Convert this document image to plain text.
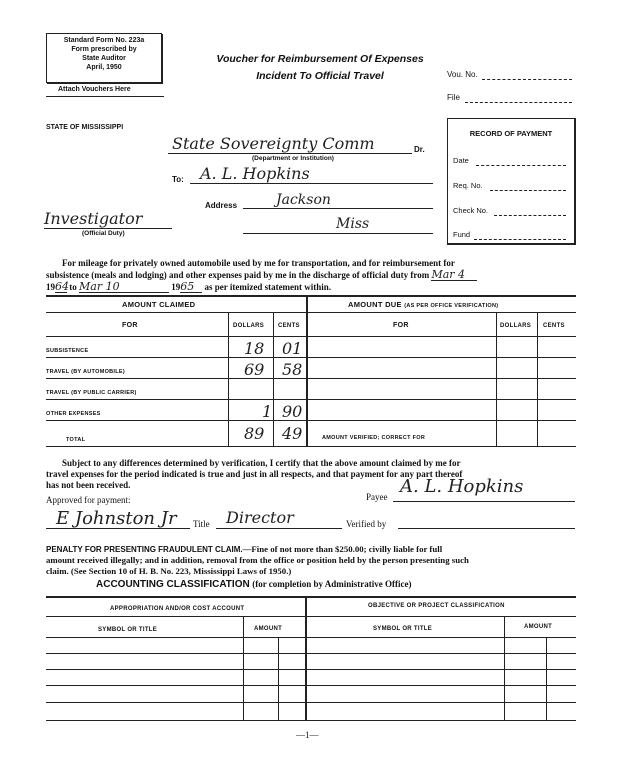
Standard Form No. 223a
Form prescribed by
State Auditor
April, 1950
Attach Vouchers Here
Voucher for Reimbursement Of Expenses
Incident To Official Travel	Vou. No.
File
STATE OF MISSISSIPPI
State Sovereignty Comm	Dr.
(Department or Institution)
To: A. L. Hopkins
Address	Jackson
Miss
Investigator
(Official Duty)
RECORD OF PAYMENT
Date
Req. No.
Check No.
Fund
For mileage for privately owned automobile used by me for transportation, and for reimbursement for
subsistence (meals and lodging) and other expenses paid by me in the discharge of official duty from Mar 4
1964 to Mar 10	1965 as per itemized statement within.
AMOUNT CLAIMED	AMOUNT DUE (AS PER OFFICE VERIFICATION)
FOR	DOLLARS CENTS	FOR	DOLLARS CENTS
SUBSISTENCE	18 01
TRAVEL (BY AUTOMOBILE)	69 58
TRAVEL (BY PUBLIC CARRIER)
OTHER EXPENSES	1 90
TOTAL	89 49	AMOUNT VERIFIED; CORRECT FOR
Subject to any differences determined by verification, I certify that the above amount claimed by me for
travel expenses for the period indicated is true and just in all respects, and that payment for any part thereof
has not been received.
Approved for payment:	Payee A. L. Hopkins
E Johnston Jr Title Director	Verified by
PENALTY FOR PRESENTING FRAUDULENT CLAIM.—Fine of not more than $250.00; civilly liable for full
amount received illegally; and in addition, removal from the office or position held by the person presenting such
claim. (See Section 10 of H. B. No. 223, Mississippi Laws of 1950.)
ACCOUNTING CLASSIFICATION (for completion by Administrative Office)
APPROPRIATION AND/OR COST ACCOUNT	OBJECTIVE OR PROJECT CLASSIFICATION
SYMBOL OR TITLE	AMOUNT	SYMBOL OR TITLE	AMOUNT
—1—
